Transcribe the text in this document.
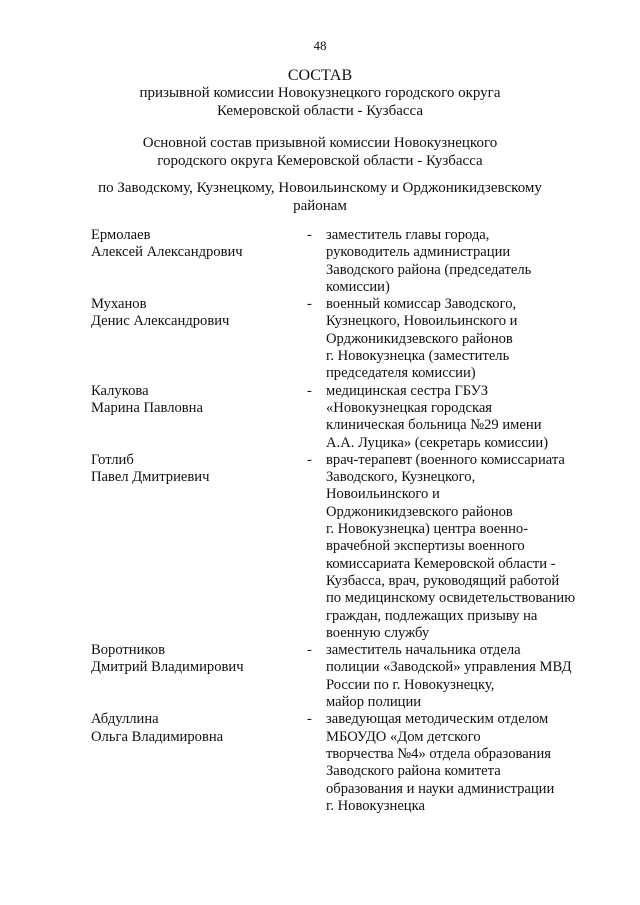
48
СОСТАВ
призывной комиссии Новокузнецкого городского округа
Кемеровской области - Кузбасса
Основной состав призывной комиссии Новокузнецкого
городского округа Кемеровской области - Кузбасса
по Заводскому, Кузнецкому, Новоильинскому и Орджоникидзевскому
районам
Ермолаев
Алексей Александрович
- заместитель главы города,
руководитель администрации
Заводского района (председатель
комиссии)
Муханов
Денис Александрович
- военный комиссар Заводского,
Кузнецкого, Новоильинского и
Орджоникидзевского районов
г. Новокузнецка (заместитель
председателя комиссии)
Калукова
Марина Павловна
- медицинская сестра ГБУЗ
«Новокузнецкая городская
клиническая больница №29 имени
А.А. Луцика» (секретарь комиссии)
Готлиб
Павел Дмитриевич
- врач-терапевт (военного комиссариата
Заводского, Кузнецкого,
Новоильинского и
Орджоникидзевского районов
г. Новокузнецка) центра военно-
врачебной экспертизы военного
комиссариата Кемеровской области -
Кузбасса, врач, руководящий работой
по медицинскому освидетельствованию
граждан, подлежащих призыву на
военную службу
Воротников
Дмитрий Владимирович
- заместитель начальника отдела
полиции «Заводской» управления МВД
России по г. Новокузнецку,
майор полиции
Абдуллина
Ольга Владимировна
- заведующая методическим отделом
МБОУДО «Дом детского
творчества №4» отдела образования
Заводского района комитета
образования и науки администрации
г. Новокузнецка
